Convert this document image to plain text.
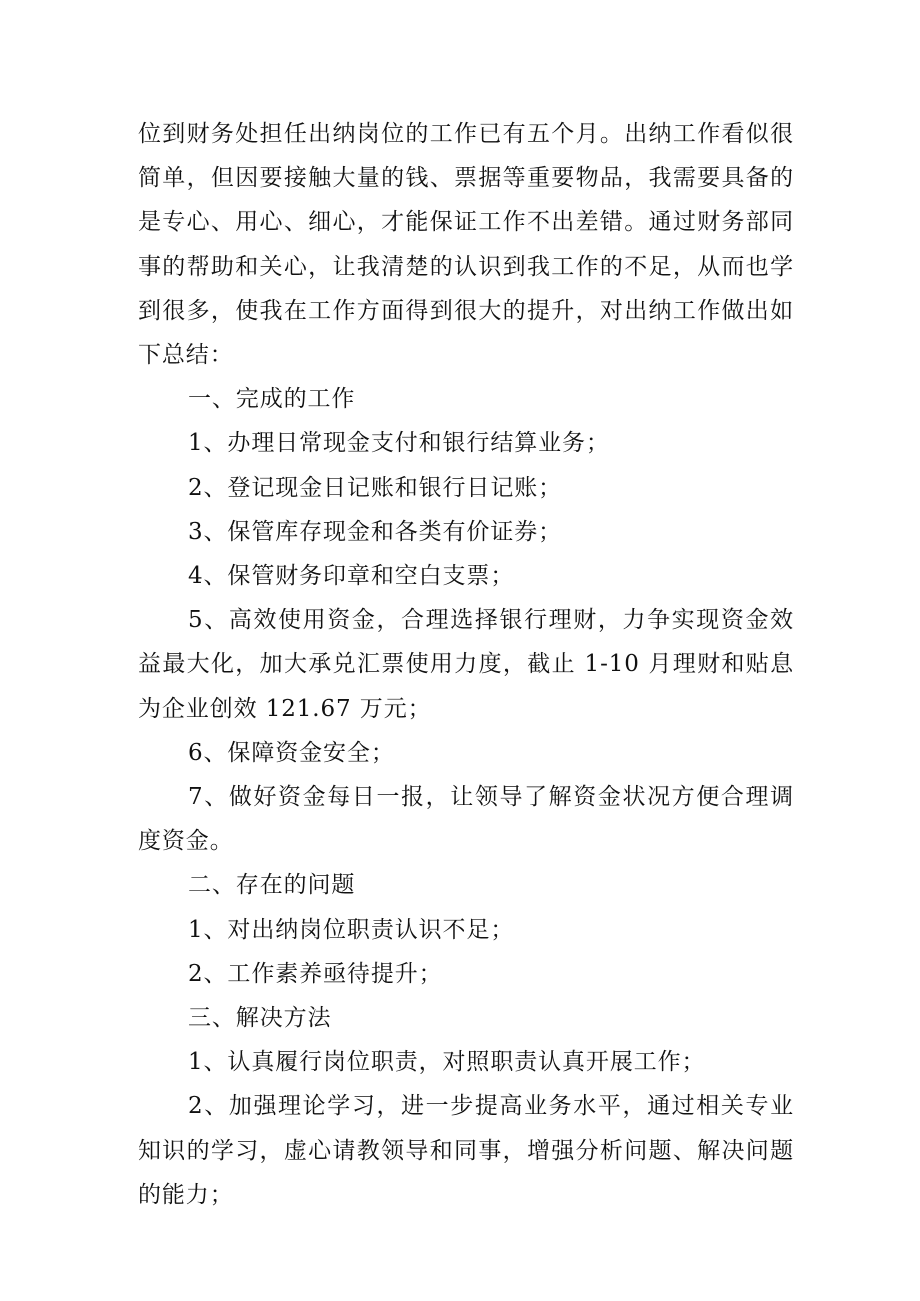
位到财务处担任出纳岗位的工作已有五个月。出纳工作看似很简单，但因要接触大量的钱、票据等重要物品，我需要具备的是专心、用心、细心，才能保证工作不出差错。通过财务部同事的帮助和关心，让我清楚的认识到我工作的不足，从而也学到很多，使我在工作方面得到很大的提升，对出纳工作做出如下总结：

一、完成的工作

1、办理日常现金支付和银行结算业务；

2、登记现金日记账和银行日记账；

3、保管库存现金和各类有价证券；

4、保管财务印章和空白支票；

5、高效使用资金，合理选择银行理财，力争实现资金效益最大化，加大承兑汇票使用力度，截止 1-10 月理财和贴息为企业创效 121.67 万元；

6、保障资金安全；

7、做好资金每日一报，让领导了解资金状况方便合理调度资金。

二、存在的问题

1、对出纳岗位职责认识不足；

2、工作素养亟待提升；

三、解决方法

1、认真履行岗位职责，对照职责认真开展工作；

2、加强理论学习，进一步提高业务水平，通过相关专业知识的学习，虚心请教领导和同事，增强分析问题、解决问题的能力；
